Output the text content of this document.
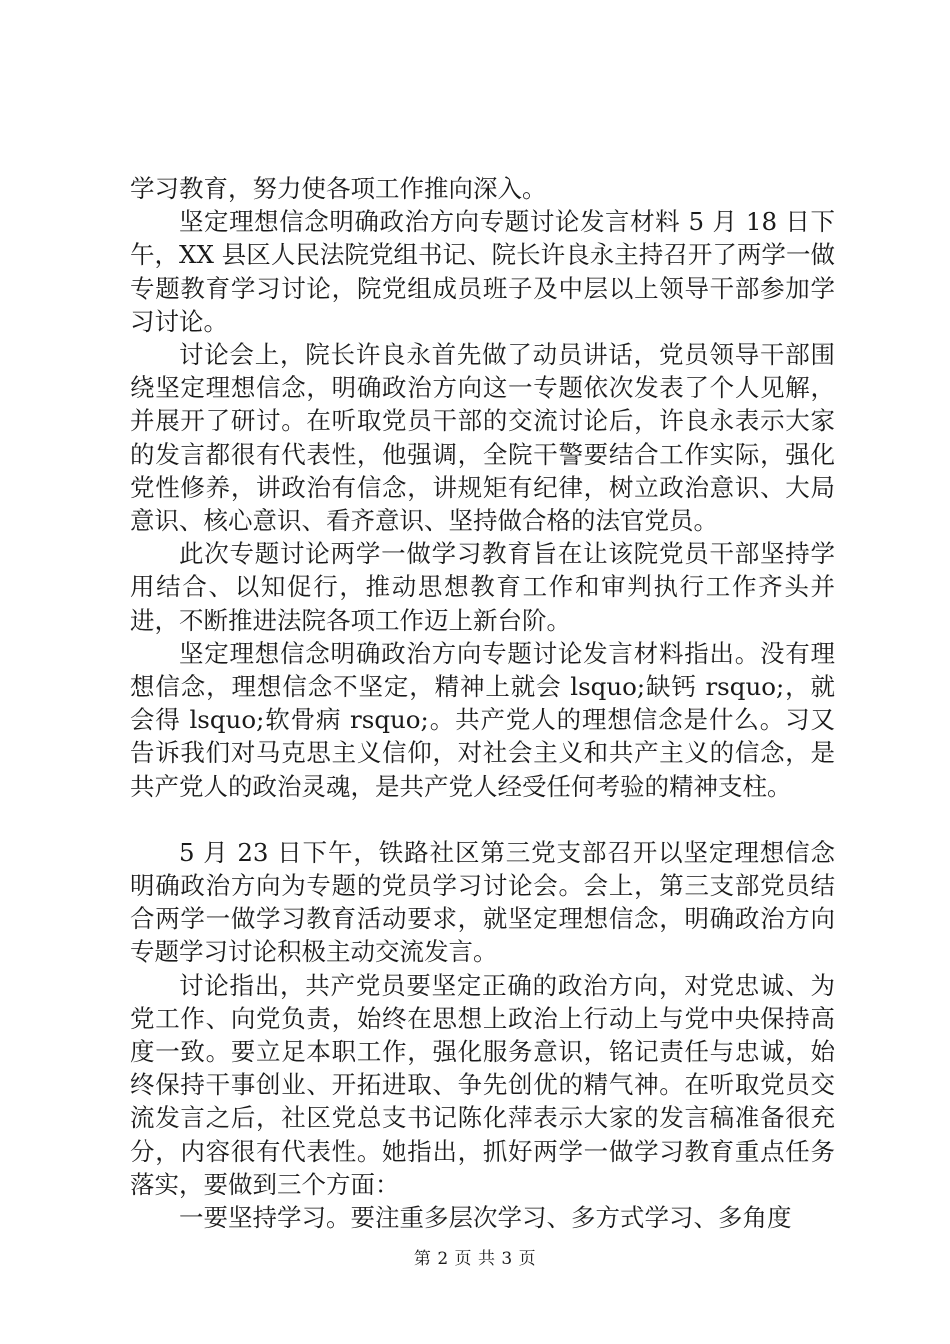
学习教育，努力使各项工作推向深入。

坚定理想信念明确政治方向专题讨论发言材料 5 月 18 日下午，XX 县区人民法院党组书记、院长许良永主持召开了两学一做专题教育学习讨论，院党组成员班子及中层以上领导干部参加学习讨论。

讨论会上，院长许良永首先做了动员讲话，党员领导干部围绕坚定理想信念，明确政治方向这一专题依次发表了个人见解，并展开了研讨。在听取党员干部的交流讨论后，许良永表示大家的发言都很有代表性，他强调，全院干警要结合工作实际，强化党性修养，讲政治有信念，讲规矩有纪律，树立政治意识、大局意识、核心意识、看齐意识、坚持做合格的法官党员。

此次专题讨论两学一做学习教育旨在让该院党员干部坚持学用结合、以知促行，推动思想教育工作和审判执行工作齐头并进，不断推进法院各项工作迈上新台阶。

坚定理想信念明确政治方向专题讨论发言材料指出。没有理想信念，理想信念不坚定，精神上就会 lsquo;缺钙 rsquo;，就会得 lsquo;软骨病 rsquo;。共产党人的理想信念是什么。习又告诉我们对马克思主义信仰，对社会主义和共产主义的信念，是共产党人的政治灵魂，是共产党人经受任何考验的精神支柱。

5 月 23 日下午，铁路社区第三党支部召开以坚定理想信念明确政治方向为专题的党员学习讨论会。会上，第三支部党员结合两学一做学习教育活动要求，就坚定理想信念，明确政治方向专题学习讨论积极主动交流发言。

讨论指出，共产党员要坚定正确的政治方向，对党忠诚、为党工作、向党负责，始终在思想上政治上行动上与党中央保持高度一致。要立足本职工作，强化服务意识，铭记责任与忠诚，始终保持干事创业、开拓进取、争先创优的精气神。在听取党员交流发言之后，社区党总支书记陈化萍表示大家的发言稿准备很充分，内容很有代表性。她指出，抓好两学一做学习教育重点任务落实，要做到三个方面：

一要坚持学习。要注重多层次学习、多方式学习、多角度

第 2 页 共 3 页
